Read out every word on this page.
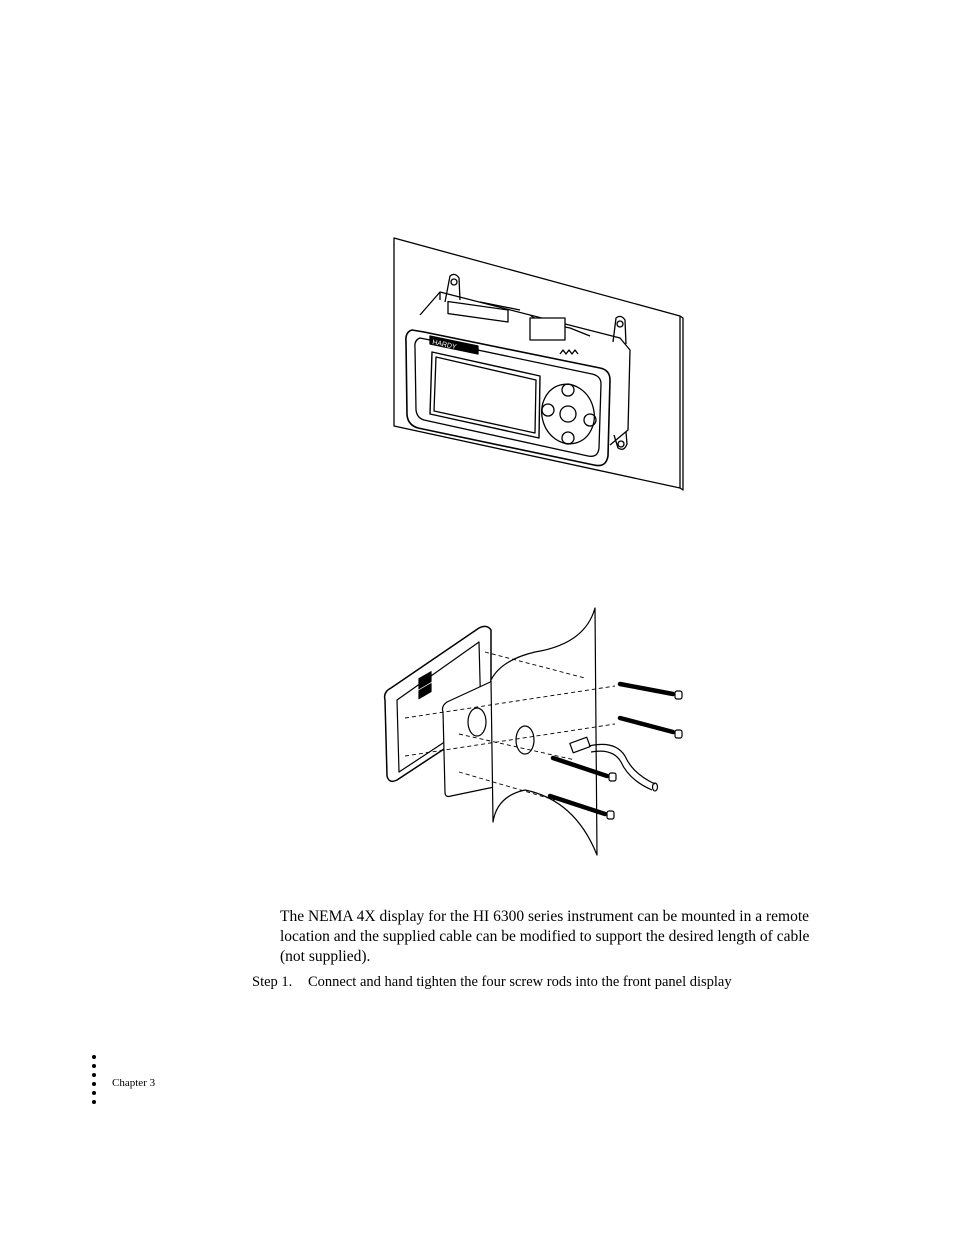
HARDY
The NEMA 4X display for the HI 6300 series instrument can be mounted in a remote location and the supplied cable can be modified to support the desired length of cable (not supplied).
Step 1. Connect and hand tighten the four screw rods into the front panel display
Chapter 3
